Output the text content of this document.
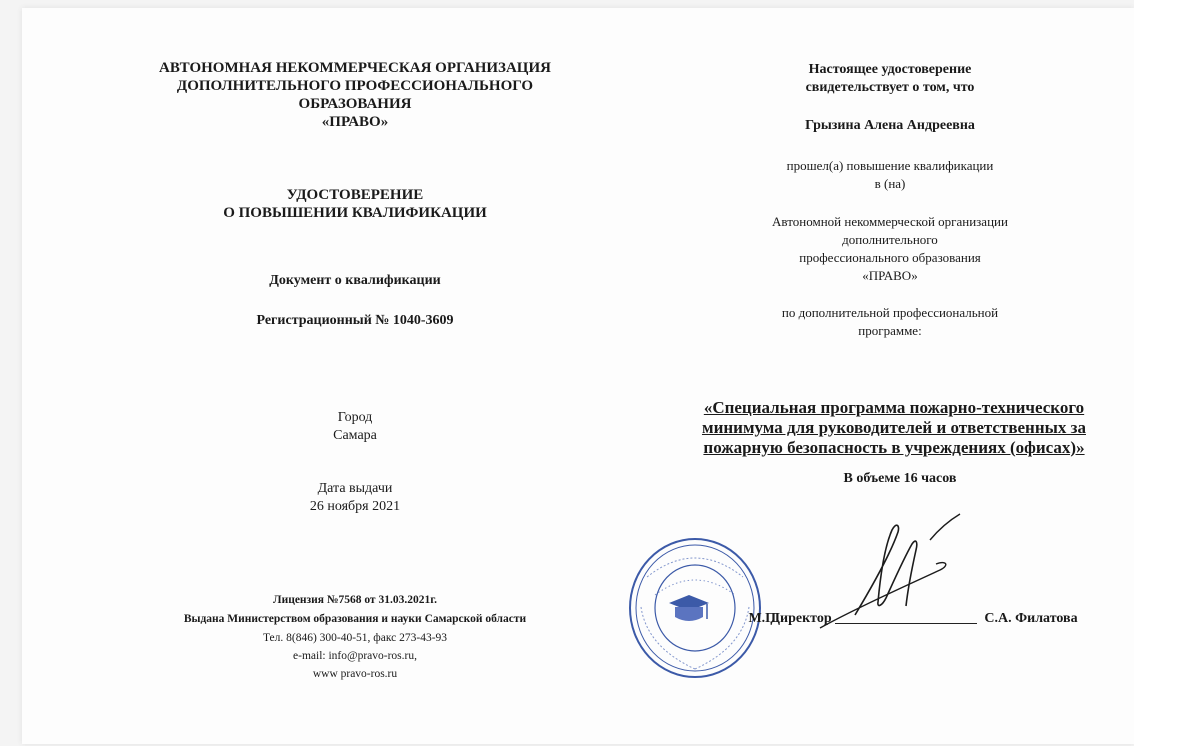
АВТОНОМНАЯ НЕКОММЕРЧЕСКАЯ ОРГАНИЗАЦИЯ
ДОПОЛНИТЕЛЬНОГО ПРОФЕССИОНАЛЬНОГО
ОБРАЗОВАНИЯ
«ПРАВО»
УДОСТОВЕРЕНИЕ
О ПОВЫШЕНИИ КВАЛИФИКАЦИИ
Документ о квалификации
Регистрационный № 1040-3609
Город
Самара
Дата выдачи
26 ноября 2021
Лицензия №7568 от 31.03.2021г.
Выдана Министерством образования и науки Самарской области
Тел. 8(846) 300-40-51, факс 273-43-93
e-mail: info@pravo-ros.ru,
www pravo-ros.ru
Настоящее удостоверение
свидетельствует о том, что
Грызина Алена Андреевна
прошел(а) повышение квалификации
в (на)
Автономной некоммерческой организации
дополнительного
профессионального образования
«ПРАВО»
по дополнительной профессиональной
программе:
«Специальная программа пожарно-технического
минимума для руководителей и ответственных за
пожарную безопасность в учреждениях (офисах)»
В объеме 16 часов
М.П.
Директор	С.А. Филатова
